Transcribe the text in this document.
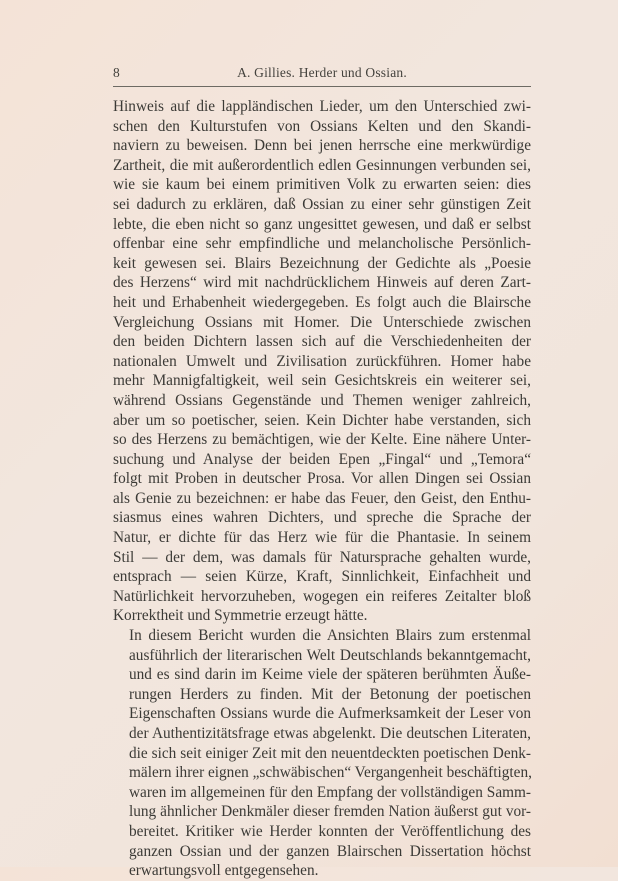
8	A. Gillies. Herder und Ossian.

Hinweis auf die lappländischen Lieder, um den Unterschied zwi-
schen den Kulturstufen von Ossians Kelten und den Skandi-
naviern zu beweisen. Denn bei jenen herrsche eine merkwürdige
Zartheit, die mit außerordentlich edlen Gesinnungen verbunden sei,
wie sie kaum bei einem primitiven Volk zu erwarten seien: dies
sei dadurch zu erklären, daß Ossian zu einer sehr günstigen Zeit
lebte, die eben nicht so ganz ungesittet gewesen, und daß er selbst
offenbar eine sehr empfindliche und melancholische Persönlich-
keit gewesen sei. Blairs Bezeichnung der Gedichte als „Poesie
des Herzens“ wird mit nachdrücklichem Hinweis auf deren Zart-
heit und Erhabenheit wiedergegeben. Es folgt auch die Blairsche
Vergleichung Ossians mit Homer. Die Unterschiede zwischen
den beiden Dichtern lassen sich auf die Verschiedenheiten der
nationalen Umwelt und Zivilisation zurückführen. Homer habe
mehr Mannigfaltigkeit, weil sein Gesichtskreis ein weiterer sei,
während Ossians Gegenstände und Themen weniger zahlreich,
aber um so poetischer, seien. Kein Dichter habe verstanden, sich
so des Herzens zu bemächtigen, wie der Kelte. Eine nähere Unter-
suchung und Analyse der beiden Epen „Fingal“ und „Temora“
folgt mit Proben in deutscher Prosa. Vor allen Dingen sei Ossian
als Genie zu bezeichnen: er habe das Feuer, den Geist, den Enthu-
siasmus eines wahren Dichters, und spreche die Sprache der
Natur, er dichte für das Herz wie für die Phantasie. In seinem
Stil — der dem, was damals für Natursprache gehalten wurde,
entsprach — seien Kürze, Kraft, Sinnlichkeit, Einfachheit und
Natürlichkeit hervorzuheben, wogegen ein reiferes Zeitalter bloß
Korrektheit und Symmetrie erzeugt hätte.

In diesem Bericht wurden die Ansichten Blairs zum erstenmal
ausführlich der literarischen Welt Deutschlands bekanntgemacht,
und es sind darin im Keime viele der späteren berühmten Äuße-
rungen Herders zu finden. Mit der Betonung der poetischen
Eigenschaften Ossians wurde die Aufmerksamkeit der Leser von
der Authentizitätsfrage etwas abgelenkt. Die deutschen Literaten,
die sich seit einiger Zeit mit den neuentdeckten poetischen Denk-
mälern ihrer eignen „schwäbischen“ Vergangenheit beschäftigten,
waren im allgemeinen für den Empfang der vollständigen Samm-
lung ähnlicher Denkmäler dieser fremden Nation äußerst gut vor-
bereitet. Kritiker wie Herder konnten der Veröffentlichung des
ganzen Ossian und der ganzen Blairschen Dissertation höchst
erwartungsvoll entgegensehen.
